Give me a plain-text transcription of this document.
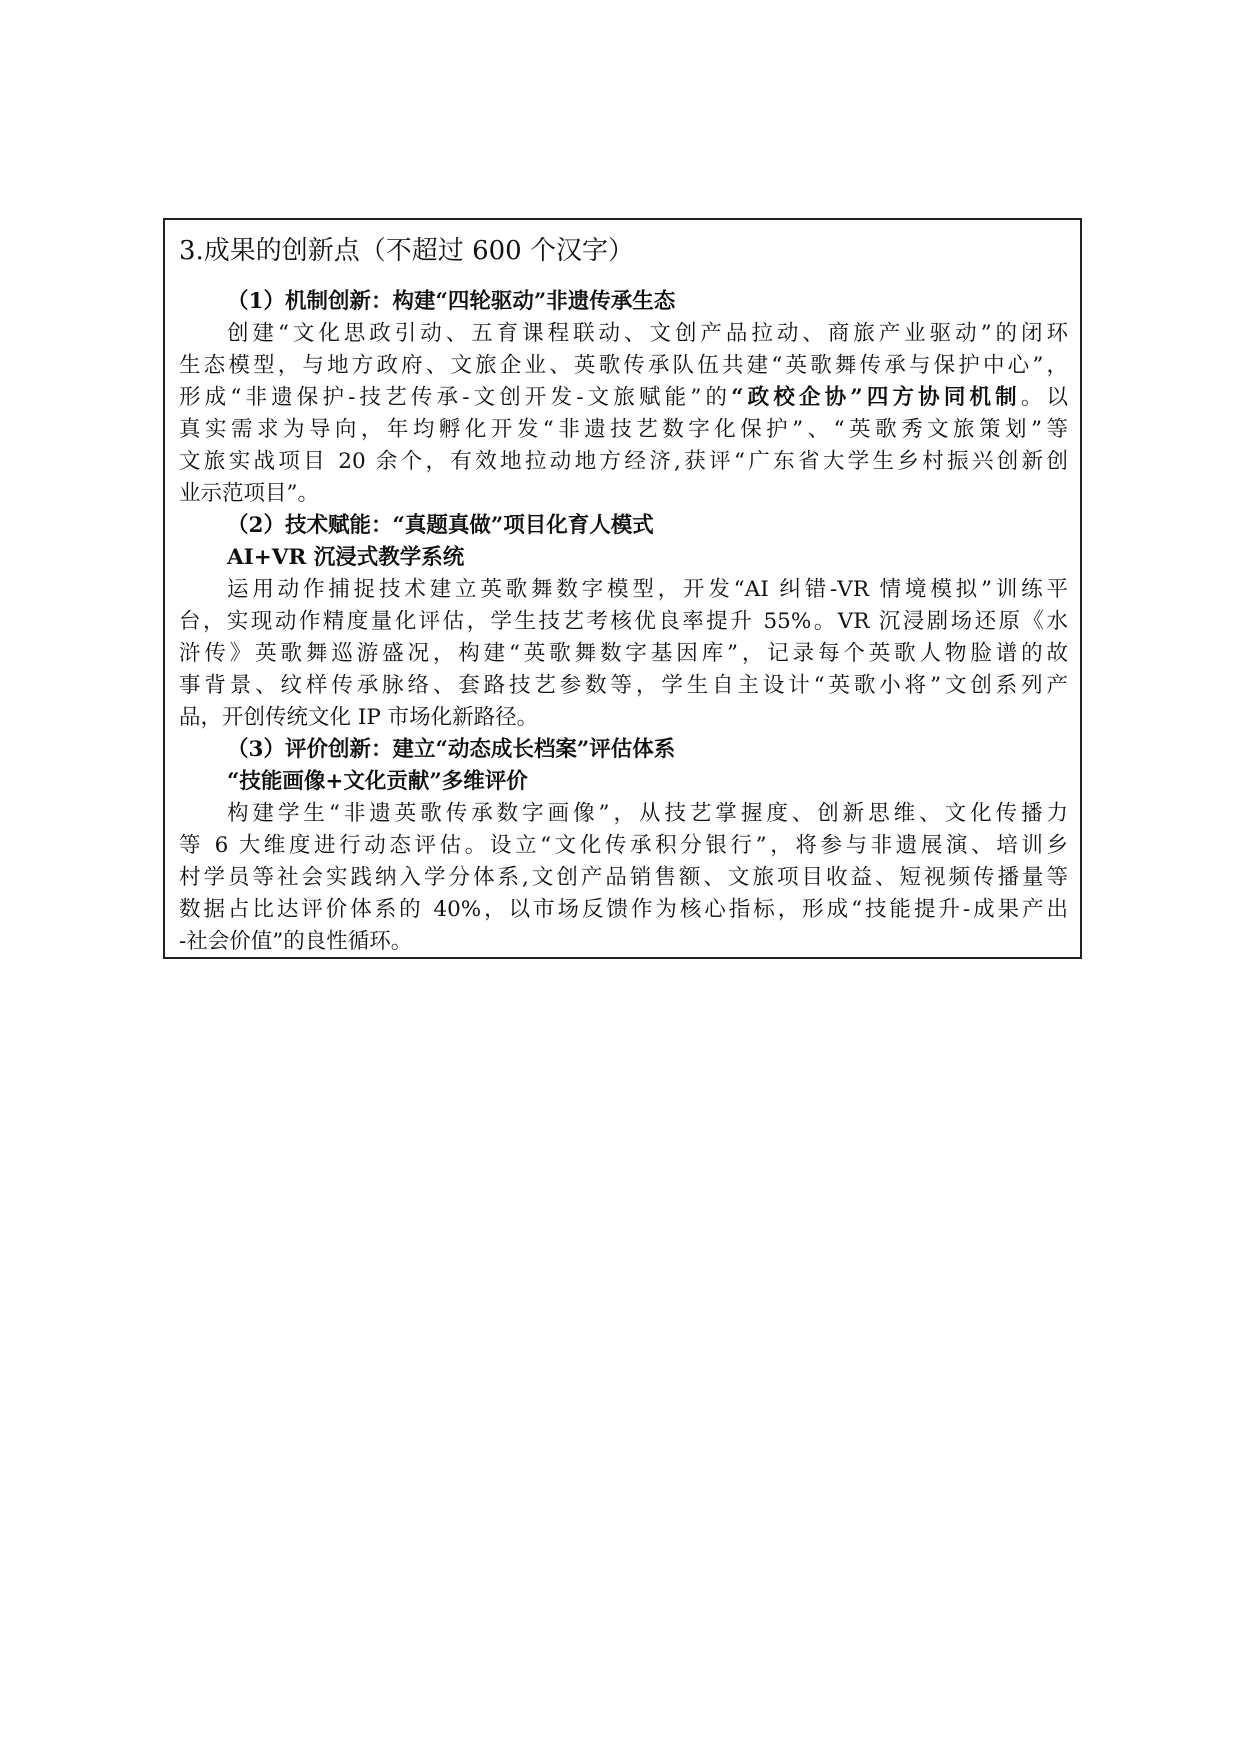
3.成果的创新点（不超过 600 个汉字）
（1）机制创新：构建“四轮驱动”非遗传承生态
创建“文化思政引动、五育课程联动、文创产品拉动、商旅产业驱动”的闭环
生态模型，与地方政府、文旅企业、英歌传承队伍共建“英歌舞传承与保护中心”，
形成“非遗保护-技艺传承-文创开发-文旅赋能”的“政校企协”四方协同机制。以
真实需求为导向，年均孵化开发“非遗技艺数字化保护”、“英歌秀文旅策划”等
文旅实战项目 20 余个，有效地拉动地方经济,获评“广东省大学生乡村振兴创新创
业示范项目”。
（2）技术赋能：“真题真做”项目化育人模式
AI+VR 沉浸式教学系统
运用动作捕捉技术建立英歌舞数字模型，开发“AI 纠错-VR 情境模拟”训练平
台，实现动作精度量化评估，学生技艺考核优良率提升 55%。VR 沉浸剧场还原《水
浒传》英歌舞巡游盛况，构建“英歌舞数字基因库”，记录每个英歌人物脸谱的故
事背景、纹样传承脉络、套路技艺参数等，学生自主设计“英歌小将”文创系列产
品，开创传统文化 IP 市场化新路径。
（3）评价创新：建立“动态成长档案”评估体系
“技能画像+文化贡献”多维评价
构建学生“非遗英歌传承数字画像”，从技艺掌握度、创新思维、文化传播力
等 6 大维度进行动态评估。设立“文化传承积分银行”，将参与非遗展演、培训乡
村学员等社会实践纳入学分体系,文创产品销售额、文旅项目收益、短视频传播量等
数据占比达评价体系的 40%，以市场反馈作为核心指标，形成“技能提升-成果产出
-社会价值”的良性循环。
